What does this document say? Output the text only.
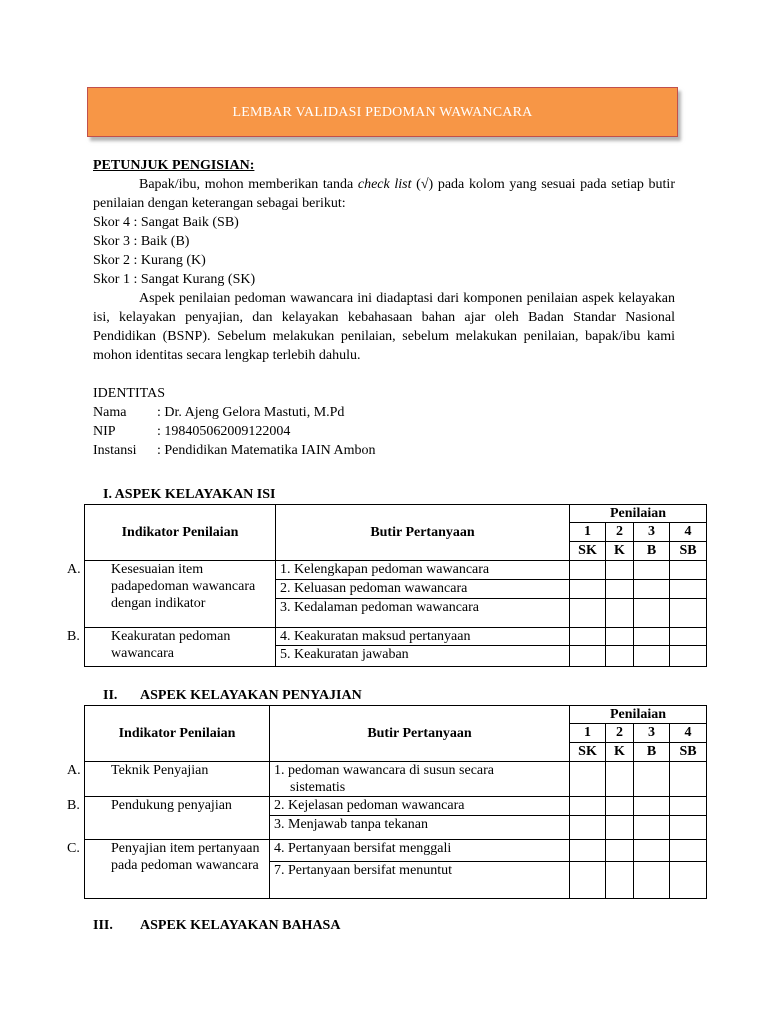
LEMBAR VALIDASI PEDOMAN WAWANCARA

PETUNJUK PENGISIAN:

Bapak/ibu, mohon memberikan tanda check list (√) pada kolom yang sesuai pada setiap butir penilaian dengan keterangan sebagai berikut:

Skor 4 : Sangat Baik (SB)

Skor 3 : Baik (B)

Skor 2 : Kurang (K)

Skor 1 : Sangat Kurang (SK)

Aspek penilaian pedoman wawancara ini diadaptasi dari komponen penilaian aspek kelayakan isi, kelayakan penyajian, dan kelayakan kebahasaan bahan ajar oleh Badan Standar Nasional Pendidikan (BSNP). Sebelum melakukan penilaian, sebelum melakukan penilaian, bapak/ibu kami mohon identitas secara lengkap terlebih dahulu.

IDENTITAS

Nama	: Dr. Ajeng Gelora Mastuti, M.Pd
NIP	: 198405062009122004
Instansi	: Pendidikan Matematika IAIN Ambon
I. ASPEK KELAYAKAN ISI
Indikator Penilaian	Butir Pertanyaan	Penilaian			
		1	2	3	4
		SK	K	B	SB

A. Kesesuaian item padapedoman wawancara dengan indikator	1. Kelengkapan pedoman wawancara				
	2. Keluasan pedoman wawancara				
	3. Kedalaman pedoman wawancara				

B. Keakuratan pedoman wawancara	4. Keakuratan maksud pertanyaan				
	5. Keakuratan jawaban				
II. ASPEK KELAYAKAN PENYAJIAN
Indikator Penilaian	Butir Pertanyaan	Penilaian			
		1	2	3	4
		SK	K	B	SB

A. Teknik Penyajian	1. pedoman wawancara di susun secara
sistematis				

B. Pendukung penyajian	2. Kejelasan pedoman wawancara				
	3. Menjawab tanpa tekanan				

C. Penyajian item pertanyaan pada pedoman wawancara	4. Pertanyaan bersifat menggali				
	7. Pertanyaan bersifat menuntut				
III. ASPEK KELAYAKAN BAHASA
